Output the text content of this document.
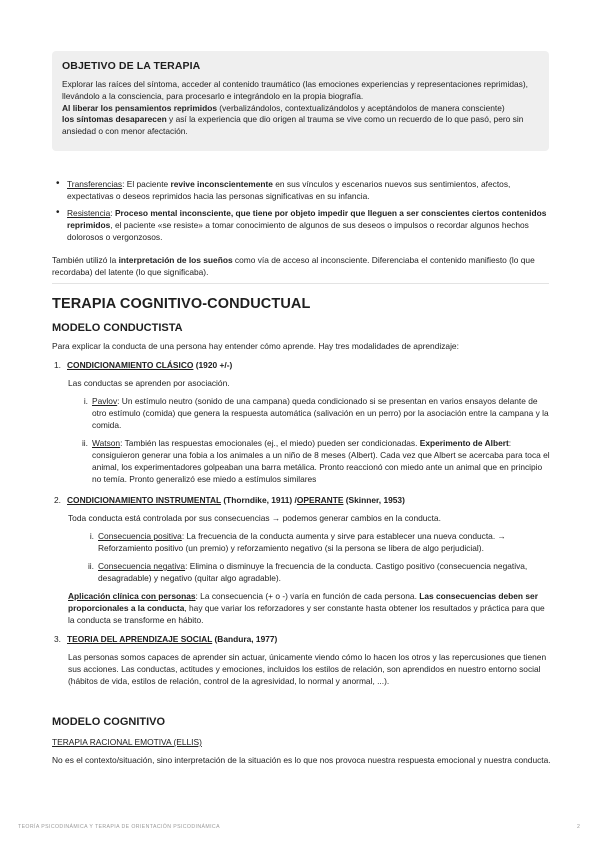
OBJETIVO DE LA TERAPIA

Explorar las raíces del síntoma, acceder al contenido traumático (las emociones experiencias y representaciones reprimidas), llevándolo a la consciencia, para procesarlo e integrándolo en la propia biografía.
Al liberar los pensamientos reprimidos (verbalizándolos, contextualizándolos y aceptándolos de manera consciente)
los síntomas desaparecen y así la experiencia que dio origen al trauma se vive como un recuerdo de lo que pasó, pero sin ansiedad o con menor afectación.

• Transferencias: El paciente revive inconscientemente en sus vínculos y escenarios nuevos sus sentimientos, afectos, expectativas o deseos reprimidos hacia las personas significativas en su infancia.
• Resistencia: Proceso mental inconsciente, que tiene por objeto impedir que lleguen a ser conscientes ciertos contenidos reprimidos, el paciente «se resiste» a tomar conocimiento de algunos de sus deseos o impulsos o recordar algunos hechos dolorosos o vergonzosos.

También utilizó la interpretación de los sueños como vía de acceso al inconsciente. Diferenciaba el contenido manifiesto (lo que recordaba) del latente (lo que significaba).

TERAPIA COGNITIVO-CONDUCTUAL
MODELO CONDUCTISTA

Para explicar la conducta de una persona hay entender cómo aprende. Hay tres modalidades de aprendizaje:

1. CONDICIONAMIENTO CLÁSICO (1920 +/-)

Las conductas se aprenden por asociación.

i. Pavlov: Un estímulo neutro (sonido de una campana) queda condicionado si se presentan en varios ensayos delante de otro estímulo (comida) que genera la respuesta automática (salivación en un perro) por la asociación entre la campana y la comida.
ii. Watson: También las respuestas emocionales (ej., el miedo) pueden ser condicionadas. Experimento de Albert: consiguieron generar una fobia a los animales a un niño de 8 meses (Albert). Cada vez que Albert se acercaba para toca el animal, los experimentadores golpeaban una barra metálica. Pronto reaccionó con miedo ante un animal que en principio no temía. Pronto generalizó ese miedo a estímulos similares
2. CONDICIONAMIENTO INSTRUMENTAL (Thorndike, 1911) /OPERANTE (Skinner, 1953)

Toda conducta está controlada por sus consecuencias → podemos generar cambios en la conducta.

i. Consecuencia positiva: La frecuencia de la conducta aumenta y sirve para establecer una nueva conducta. → Reforzamiento positivo (un premio) y reforzamiento negativo (si la persona se libera de algo perjudicial).
ii. Consecuencia negativa: Elimina o disminuye la frecuencia de la conducta. Castigo positivo (consecuencia negativa, desagradable) y negativo (quitar algo agradable).

Aplicación clínica con personas: La consecuencia (+ o -) varía en función de cada persona. Las consecuencias deben ser proporcionales a la conducta, hay que variar los reforzadores y ser constante hasta obtener los resultados y práctica para que la conducta se transforme en hábito.

3. TEORIA DEL APRENDIZAJE SOCIAL (Bandura, 1977)

Las personas somos capaces de aprender sin actuar, únicamente viendo cómo lo hacen los otros y las repercusiones que tienen sus acciones. Las conductas, actitudes y emociones, incluidos los estilos de relación, son aprendidos en nuestro entorno social (hábitos de vida, estilos de relación, control de la agresividad, lo normal y anormal, ...).

MODELO COGNITIVO

TERAPIA RACIONAL EMOTIVA (ELLIS)

No es el contexto/situación, sino interpretación de la situación es lo que nos provoca nuestra respuesta emocional y nuestra conducta.

TEORÍA PSICODINÁMICA Y TERAPIA DE ORIENTACIÓN PSICODINÁMICA	2
